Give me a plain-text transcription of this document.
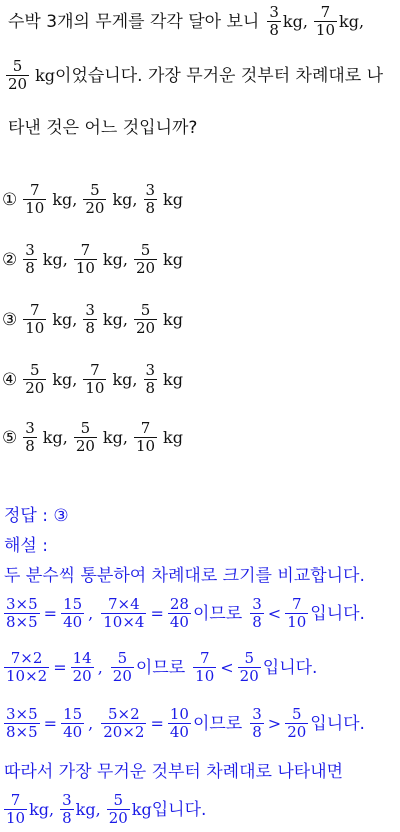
수박 3개의 무게를 각각 달아 보니 $\frac{3}{8}$ kg , $\frac{7}{10}$ kg ,
$\frac{5}{20}$ kg 이었습니다. 가장 무거운 것부터 차례대로 나
타낸 것은 어느 것입니까?
① $\frac{7}{10}$ kg , $\frac{5}{20}$ kg , $\frac{3}{8}$ kg
② $\frac{3}{8}$ kg , $\frac{7}{10}$ kg , $\frac{5}{20}$ kg
③ $\frac{7}{10}$ kg , $\frac{3}{8}$ kg , $\frac{5}{20}$ kg
④ $\frac{5}{20}$ kg , $\frac{7}{10}$ kg , $\frac{3}{8}$ kg
⑤ $\frac{3}{8}$ kg , $\frac{5}{20}$ kg , $\frac{7}{10}$ kg
정답 : ③
해설 :
두 분수씩 통분하여 차례대로 크기를 비교합니다.
$\frac{3\times 5}{8\times 5} = \frac{15}{40}$ , $\frac{7\times 4}{10\times 4} = \frac{28}{40}$ 이므로 $\frac{3}{8} < \frac{7}{10}$ 입니다.
$\frac{7\times 2}{10\times 2} = \frac{14}{20}$ , $\frac{5}{20}$ 이므로 $\frac{7}{10} < \frac{5}{20}$ 입니다.
$\frac{3\times 5}{8\times 5} = \frac{15}{40}$ , $\frac{5\times 2}{20\times 2} = \frac{10}{40}$ 이므로 $\frac{3}{8} > \frac{5}{20}$ 입니다.
따라서 가장 무거운 것부터 차례대로 나타내면
$\frac{7}{10}$ kg , $\frac{3}{8}$ kg , $\frac{5}{20}$ kg 입니다.
